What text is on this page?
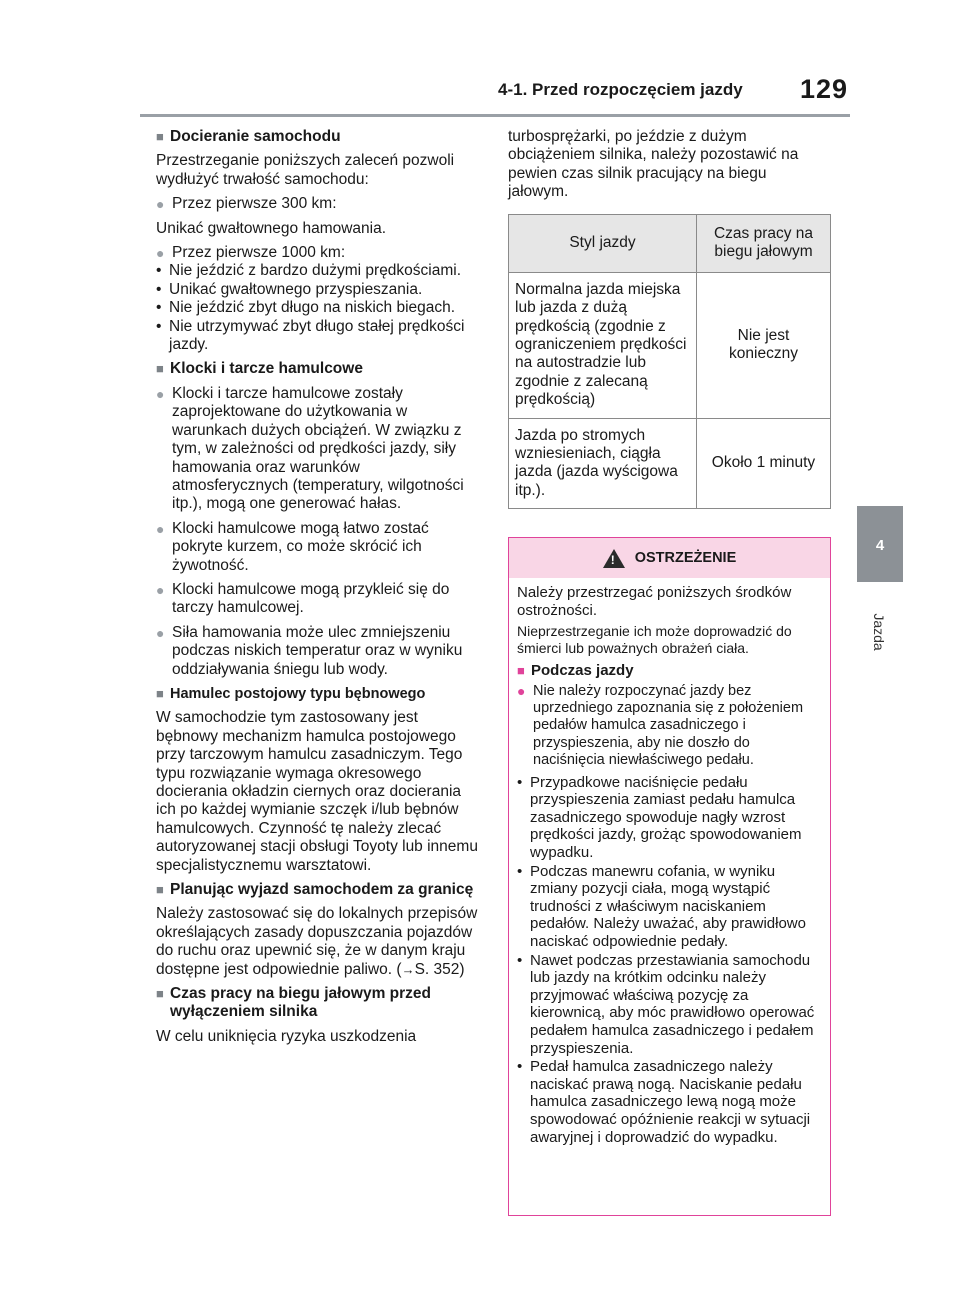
4-1. Przed rozpoczęciem jazdy 129
4
Jazda
■ Docieranie samochodu

Przestrzeganie poniższych zaleceń pozwoli wydłużyć trwałość samochodu:

● Przez pierwsze 300 km:

Unikać gwałtownego hamowania.

● Przez pierwsze 1000 km:
• Nie jeździć z bardzo dużymi prędkościami.
• Unikać gwałtownego przyspieszania.
• Nie jeździć zbyt długo na niskich biegach.
• Nie utrzymywać zbyt długo stałej prędkości jazdy.
■ Klocki i tarcze hamulcowe
● Klocki i tarcze hamulcowe zostały zaprojektowane do użytkowania w warunkach dużych obciążeń. W związku z tym, w zależności od prędkości jazdy, siły hamowania oraz warunków atmosferycznych (temperatury, wilgotności itp.), mogą one generować hałas.
● Klocki hamulcowe mogą łatwo zostać pokryte kurzem, co może skrócić ich żywotność.
● Klocki hamulcowe mogą przykleić się do tarczy hamulcowej.
● Siła hamowania może ulec zmniejszeniu podczas niskich temperatur oraz w wyniku oddziaływania śniegu lub wody.
■ Hamulec postojowy typu bębnowego

W samochodzie tym zastosowany jest bębnowy mechanizm hamulca postojowego przy tarczowym hamulcu zasadniczym. Tego typu rozwiązanie wymaga okresowego docierania okładzin ciernych oraz docierania ich po każdej wymianie szczęk i/lub bębnów hamulcowych. Czynność tę należy zlecać autoryzowanej stacji obsługi Toyoty lub innemu specjalistycznemu warsztatowi.

■ Planując wyjazd samochodem za granicę

Należy zastosować się do lokalnych przepisów określających zasady dopuszczania pojazdów do ruchu oraz upewnić się, że w danym kraju dostępne jest odpowiednie paliwo. (→S. 352)

■ Czas pracy na biegu jałowym przed wyłączeniem silnika

W celu uniknięcia ryzyka uszkodzenia

turbosprężarki, po jeździe z dużym obciążeniem silnika, należy pozostawić na pewien czas silnik pracujący na biegu jałowym.

Styl jazdy	Czas pracy na biegu jałowym
Normalna jazda miejska lub jazda z dużą prędkością (zgodnie z ograniczeniem prędkości na autostradzie lub zgodnie z zalecaną prędkością)	Nie jest konieczny
Jazda po stromych wzniesieniach, ciągła jazda (jazda wyścigowa itp.).	Około 1 minuty
!
OSTRZEŻENIE

Należy przestrzegać poniższych środków ostrożności.

Nieprzestrzeganie ich może doprowadzić do śmierci lub poważnych obrażeń ciała.

■ Podczas jazdy
● Nie należy rozpoczynać jazdy bez uprzedniego zapoznania się z położeniem pedałów hamulca zasadniczego i przyspieszenia, aby nie doszło do naciśnięcia niewłaściwego pedału.
• Przypadkowe naciśnięcie pedału przyspieszenia zamiast pedału hamulca zasadniczego spowoduje nagły wzrost prędkości jazdy, grożąc spowodowaniem wypadku.
• Podczas manewru cofania, w wyniku zmiany pozycji ciała, mogą wystąpić trudności z właściwym naciskaniem pedałów. Należy uważać, aby prawidłowo naciskać odpowiednie pedały.
• Nawet podczas przestawiania samochodu lub jazdy na krótkim odcinku należy przyjmować właściwą pozycję za kierownicą, aby móc prawidłowo operować pedałem hamulca zasadniczego i pedałem przyspieszenia.
• Pedał hamulca zasadniczego należy naciskać prawą nogą. Naciskanie pedału hamulca zasadniczego lewą nogą może spowodować opóźnienie reakcji w sytuacji awaryjnej i doprowadzić do wypadku.
